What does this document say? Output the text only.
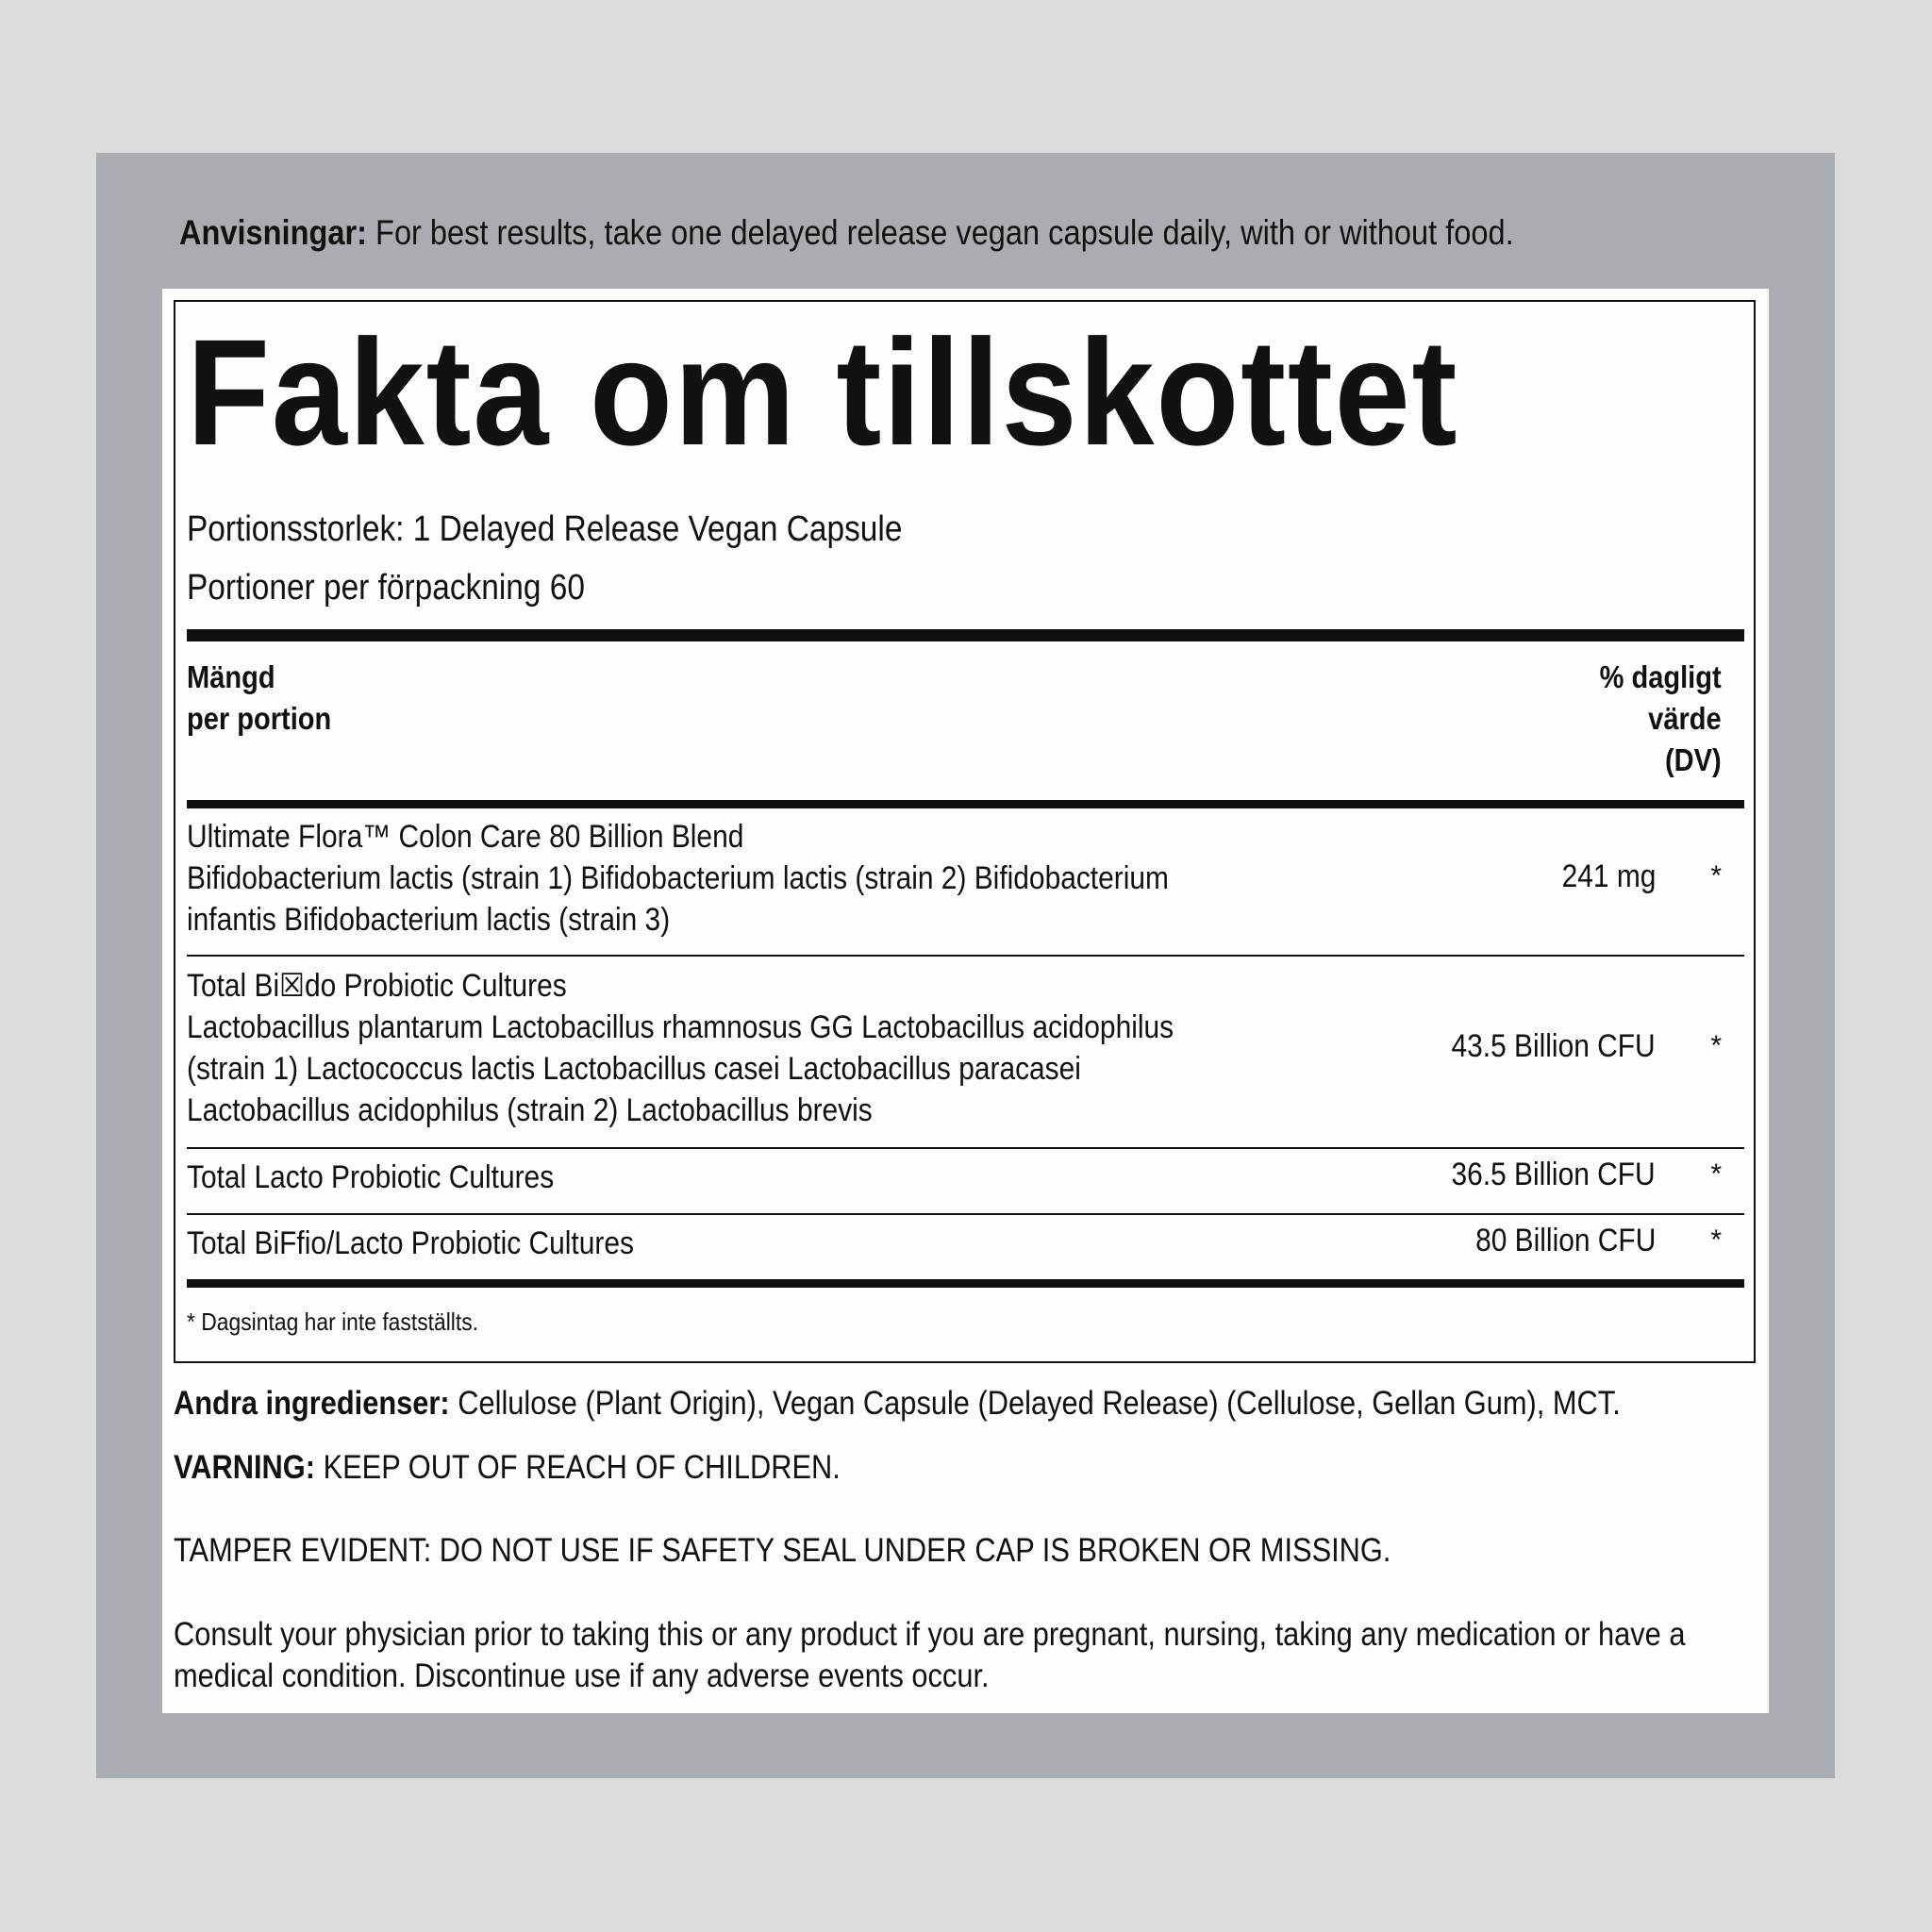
Anvisningar: For best results, take one delayed release vegan capsule daily, with or without food.
Fakta om tillskottet
Portionsstorlek: 1 Delayed Release Vegan Capsule
Portioner per förpackning 60
Mängd
per portion
% dagligt
värde
(DV)
Ultimate Flora™ Colon Care 80 Billion Blend
Bifidobacterium lactis (strain 1) Bifidobacterium lactis (strain 2) Bifidobacterium
infantis Bifidobacterium lactis (strain 3)
241 mg *
Total Bi☒do Probiotic Cultures
Lactobacillus plantarum Lactobacillus rhamnosus GG Lactobacillus acidophilus
(strain 1) Lactococcus lactis Lactobacillus casei Lactobacillus paracasei
Lactobacillus acidophilus (strain 2) Lactobacillus brevis
43.5 Billion CFU *
Total Lacto Probiotic Cultures	36.5 Billion CFU *
Total BiFfio/Lacto Probiotic Cultures	80 Billion CFU *
* Dagsintag har inte fastställts.
Andra ingredienser: Cellulose (Plant Origin), Vegan Capsule (Delayed Release) (Cellulose, Gellan Gum), MCT.
VARNING: KEEP OUT OF REACH OF CHILDREN.
TAMPER EVIDENT: DO NOT USE IF SAFETY SEAL UNDER CAP IS BROKEN OR MISSING.
Consult your physician prior to taking this or any product if you are pregnant, nursing, taking any medication or have a
medical condition. Discontinue use if any adverse events occur.
